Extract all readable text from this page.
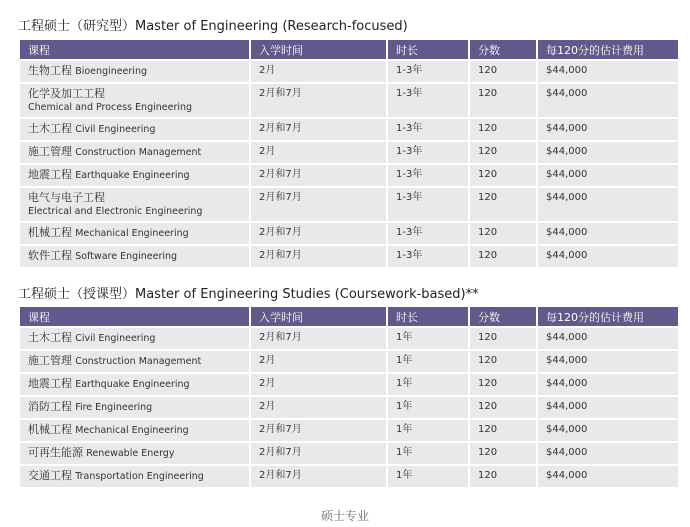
工程硕士（研究型）Master of Engineering (Research-focused)
课程	入学时间	时长	分数	每120分的估计费用
生物工程 Bioengineering	2月	1-3年	120	$44,000
化学及加工工程
Chemical and Process Engineering	2月和7月	1-3年	120	$44,000
土木工程 Civil Engineering	2月和7月	1-3年	120	$44,000
施工管理 Construction Management	2月	1-3年	120	$44,000
地震工程 Earthquake Engineering	2月和7月	1-3年	120	$44,000
电气与电子工程
Electrical and Electronic Engineering	2月和7月	1-3年	120	$44,000
机械工程 Mechanical Engineering	2月和7月	1-3年	120	$44,000
软件工程 Software Engineering	2月和7月	1-3年	120	$44,000
工程硕士（授课型）Master of Engineering Studies (Coursework-based)**
课程	入学时间	时长	分数	每120分的估计费用
土木工程 Civil Engineering	2月和7月	1年	120	$44,000
施工管理 Construction Management	2月	1年	120	$44,000
地震工程 Earthquake Engineering	2月	1年	120	$44,000
消防工程 Fire Engineering	2月	1年	120	$44,000
机械工程 Mechanical Engineering	2月和7月	1年	120	$44,000
可再生能源 Renewable Energy	2月和7月	1年	120	$44,000
交通工程 Transportation Engineering	2月和7月	1年	120	$44,000
硕士专业
